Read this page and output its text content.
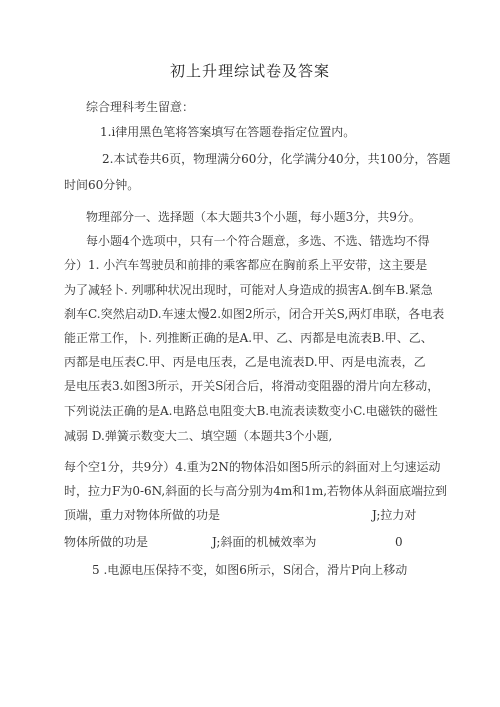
初上升理综试卷及答案
综合理科考生留意：
1.i律用黑色笔将答案填写在答题卷指定位置内。
2.本试卷共6页，物理满分60分，化学满分40分，共100分，答题
时间60分钟。
物理部分一、选择题（本大题共3个小题，每小题3分，共9分。
每小题4个选项中，只有一个符合题意，多选、不选、错选均不得
分）1. 小汽车驾驶员和前排的乘客都应在胸前系上平安带，这主要是
为了减轻卜. 列哪种状况出现时，可能对人身造成的损害A.倒车B.紧急
刹车C.突然启动D.车速太慢2.如图2所示，闭合开关S,两灯串联，各电表
能正常工作，卜. 列推断正确的是A.甲、乙、丙都是电流表B.甲、乙、
丙都是电压表C.甲、丙是电压表，乙是电流表D.甲、丙是电流表，乙
是电压表3.如图3所示，开关S闭合后，将滑动变阻器的滑片向左移动，
下列说法正确的是A.电路总电阻变大B.电流表读数变小C.电磁铁的磁性
减弱 D.弹簧示数变大二、填空题（本题共3个小题,
每个空1分，共9分）4.重为2N的物体沿如图5所示的斜面对上匀速运动
时，拉力F为0-6N,斜面的长与高分别为4m和1m,若物体从斜面底端拉到
顶端，重力对物体所做的功是	J;拉力对
物体所做的功是	J;斜面的机械效率为	0
5 .电源电压保持不变，如图6所示，S闭合，滑片P向上移动
